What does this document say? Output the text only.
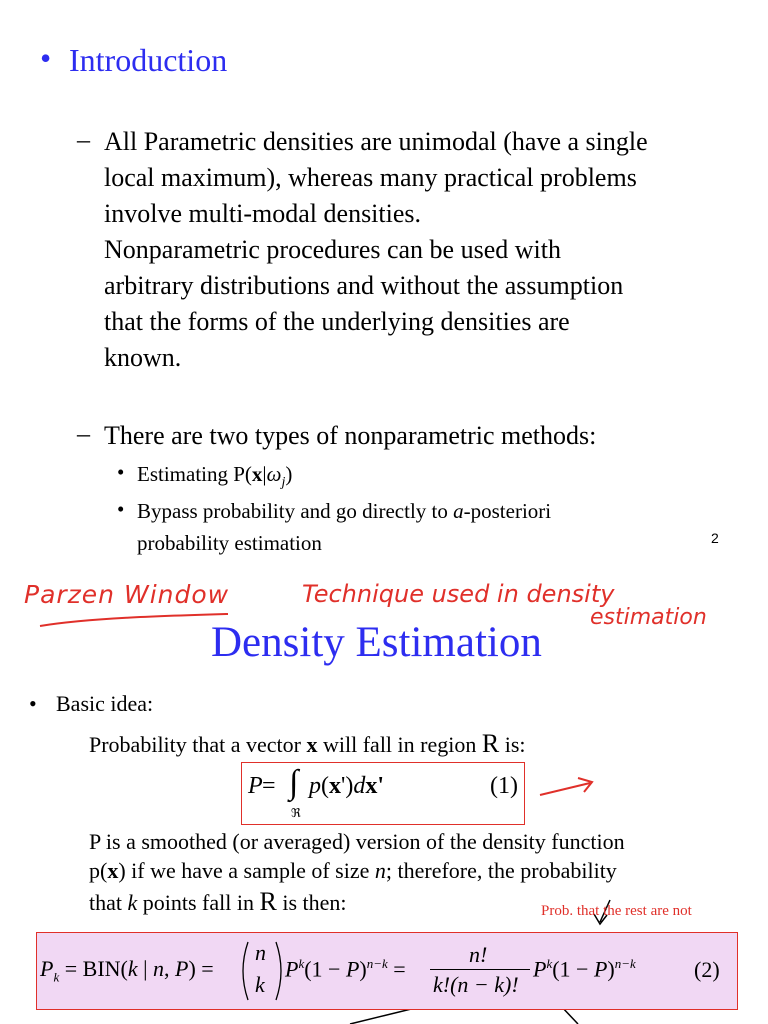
• Introduction
– All Parametric densities are unimodal (have a single
local maximum), whereas many practical problems
involve multi-modal densities.
Nonparametric procedures can be used with
arbitrary distributions and without the assumption
that the forms of the underlying densities are
known.
– There are two types of nonparametric methods:
• Estimating $P(x|\omega_j)$
• Bypass probability and go directly to a-posteriori
probability estimation	2
Parzen Window	Technique used in density
estimation
Density Estimation
• Basic idea:
Probability that a vector x will fall in region R is:
P = ∫
ℜ
p(x')dx'	(1)
P is a smoothed (or averaged) version of the density function
p(x) if we have a sample of size n; therefore, the probability
that k points fall in R is then:	Prob. that the rest are not
$P_k = BIN(k$ | n, P) =
n
k
$P^k(1 - P)^{n-k}$ =
n!
k!(n − k)!
$P^k(1 - P)^{n-k}$	(2)
